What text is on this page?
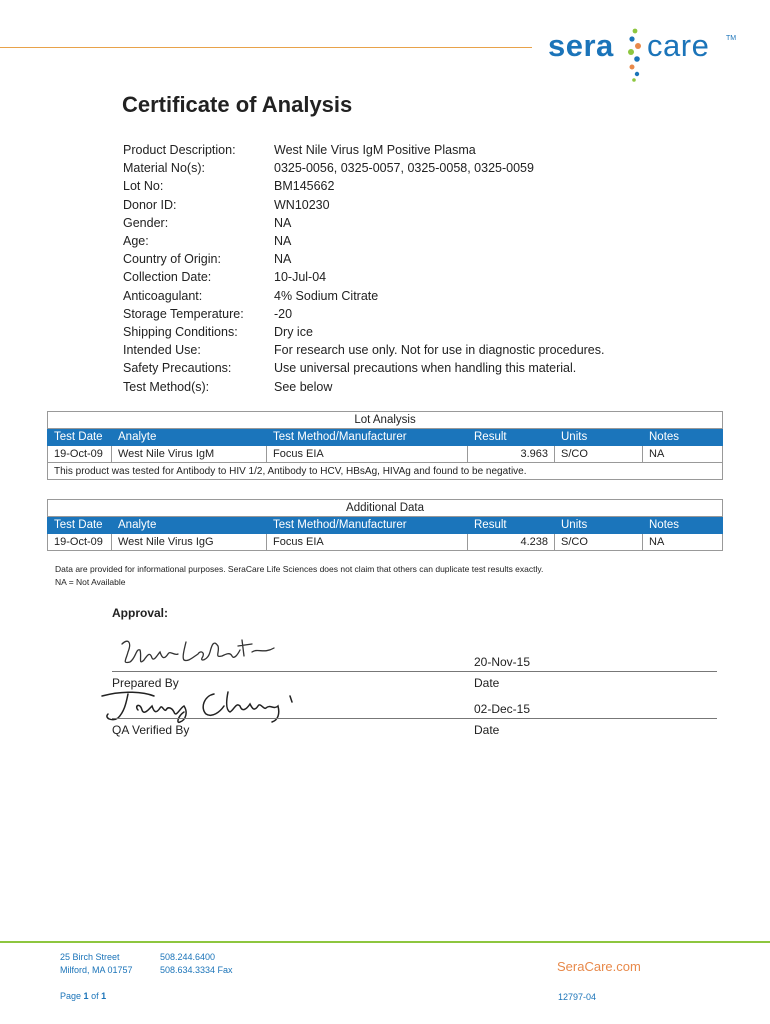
sera care TM
Certificate of Analysis
Product Description:	West Nile Virus IgM Positive Plasma
Material No(s):	0325-0056, 0325-0057, 0325-0058, 0325-0059
Lot No:	BM145662
Donor ID:	WN10230
Gender:	NA
Age:	NA
Country of Origin:	NA
Collection Date:	10-Jul-04
Anticoagulant:	4% Sodium Citrate
Storage Temperature:	-20
Shipping Conditions:	Dry ice
Intended Use:	For research use only. Not for use in diagnostic procedures.
Safety Precautions:	Use universal precautions when handling this material.
Test Method(s):	See below
Lot Analysis					
Test Date	Analyte	Test Method/Manufacturer	Result	Units	Notes
19-Oct-09	West Nile Virus IgM	Focus EIA	3.963	S/CO	NA
This product was tested for Antibody to HIV 1/2, Antibody to HCV, HBsAg, HIVAg and found to be negative.					
Additional Data					
Test Date	Analyte	Test Method/Manufacturer	Result	Units	Notes
19-Oct-09	West Nile Virus IgG	Focus EIA	4.238	S/CO	NA
Data are provided for informational purposes. SeraCare Life Sciences does not claim that others can duplicate test results exactly.
NA = Not Available
Approval:
20-Nov-15
Prepared By	Date
02-Dec-15
QA Verified By	Date
25 Birch Street
Milford, MA 01757
508.244.6400
508.634.3334 Fax	SeraCare.com
Page 1 of 1	12797-04
